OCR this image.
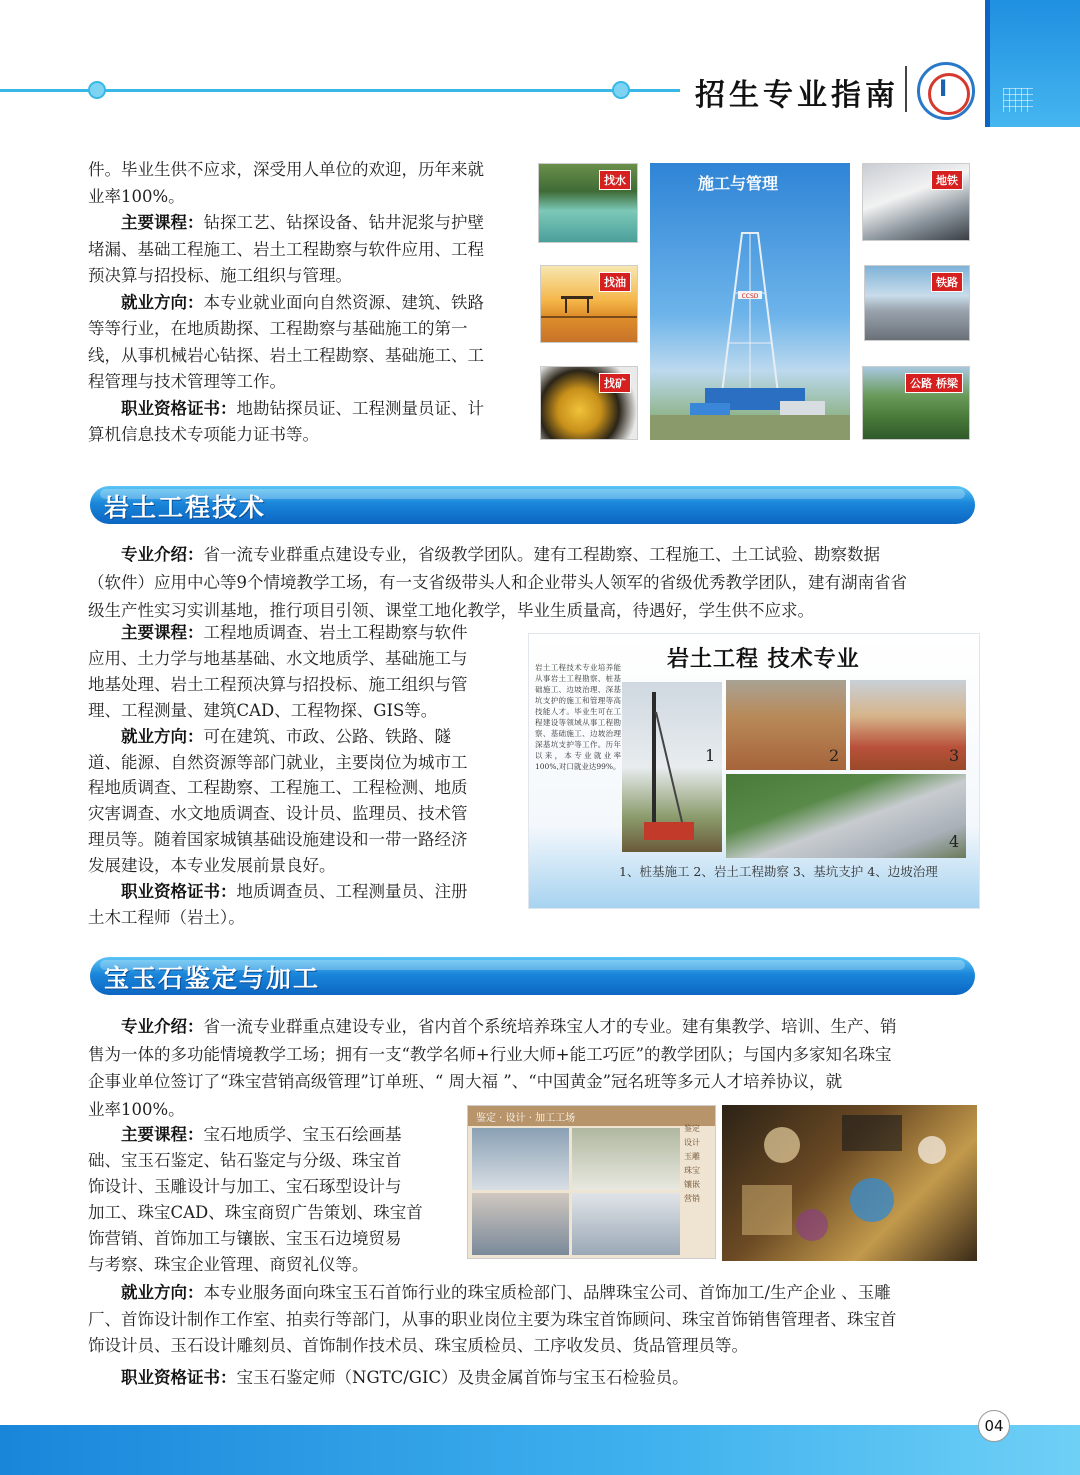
招生专业指南 I

件。毕业生供不应求，深受用人单位的欢迎，历年来就

业率100%。

主要课程：钻探工艺、钻探设备、钻井泥浆与护壁

堵漏、基础工程施工、岩土工程勘察与软件应用、工程

预决算与招投标、施工组织与管理。

就业方向：本专业就业面向自然资源、建筑、铁路

等等行业，在地质勘探、工程勘察与基础施工的第一

线，从事机械岩心钻探、岩土工程勘察、基础施工、工

程管理与技术管理等工作。

职业资格证书：地勘钻探员证、工程测量员证、计

算机信息技术专项能力证书等。

找水
找油
找矿
施工与管理
CCSD
地铁
铁路
公路 桥梁
岩土工程技术

专业介绍：省一流专业群重点建设专业，省级教学团队。建有工程勘察、工程施工、土工试验、勘察数据

（软件）应用中心等9个情境教学工场，有一支省级带头人和企业带头人领军的省级优秀教学团队，建有湖南省省

级生产性实习实训基地，推行项目引领、课堂工地化教学，毕业生质量高，待遇好，学生供不应求。

主要课程：工程地质调查、岩土工程勘察与软件

应用、土力学与地基基础、水文地质学、基础施工与

地基处理、岩土工程预决算与招投标、施工组织与管

理、工程测量、建筑CAD、工程物探、GIS等。

就业方向：可在建筑、市政、公路、铁路、隧

道、能源、自然资源等部门就业，主要岗位为城市工

程地质调查、工程勘察、工程施工、工程检测、地质

灾害调查、水文地质调查、设计员、监理员、技术管

理员等。随着国家城镇基础设施建设和一带一路经济

发展建设，本专业发展前景良好。

职业资格证书：地质调查员、工程测量员、注册

土木工程师（岩土）。

岩土工程 技术专业
岩土工程技术专业培养能从事岩土工程勘察、桩基础施工、边坡治理、深基坑支护的施工和管理等高技能人才。毕业生可在工程建设等领域从事工程勘察、基础施工、边坡治理深基坑支护等工作。历年以来，本专业就业率100%,对口就业达99%。
1	2	3
4
1、桩基施工 2、岩土工程勘察 3、基坑支护 4、边坡治理
宝玉石鉴定与加工

专业介绍：省一流专业群重点建设专业，省内首个系统培养珠宝人才的专业。建有集教学、培训、生产、销

售为一体的多功能情境教学工场；拥有一支“教学名师+行业大师+能工巧匠”的教学团队；与国内多家知名珠宝

企事业单位签订了“珠宝营销高级管理”订单班、“ 周大福 ”、“中国黄金”冠名班等多元人才培养协议，就

业率100%。

主要课程：宝石地质学、宝玉石绘画基

础、宝玉石鉴定、钻石鉴定与分级、珠宝首

饰设计、玉雕设计与加工、宝石琢型设计与

加工、珠宝CAD、珠宝商贸广告策划、珠宝首

饰营销、首饰加工与镶嵌、宝玉石边境贸易

与考察、珠宝企业管理、商贸礼仪等。

鉴定 · 设计 · 加工工场
鉴定
设计
玉雕
珠宝
镶嵌
营销

就业方向：本专业服务面向珠宝玉石首饰行业的珠宝质检部门、品牌珠宝公司、首饰加工/生产企业 、玉雕

厂、首饰设计制作工作室、拍卖行等部门，从事的职业岗位主要为珠宝首饰顾问、珠宝首饰销售管理者、珠宝首

饰设计员、玉石设计雕刻员、首饰制作技术员、珠宝质检员、工序收发员、货品管理员等。

职业资格证书：宝玉石鉴定师（NGTC/GIC）及贵金属首饰与宝玉石检验员。

04
